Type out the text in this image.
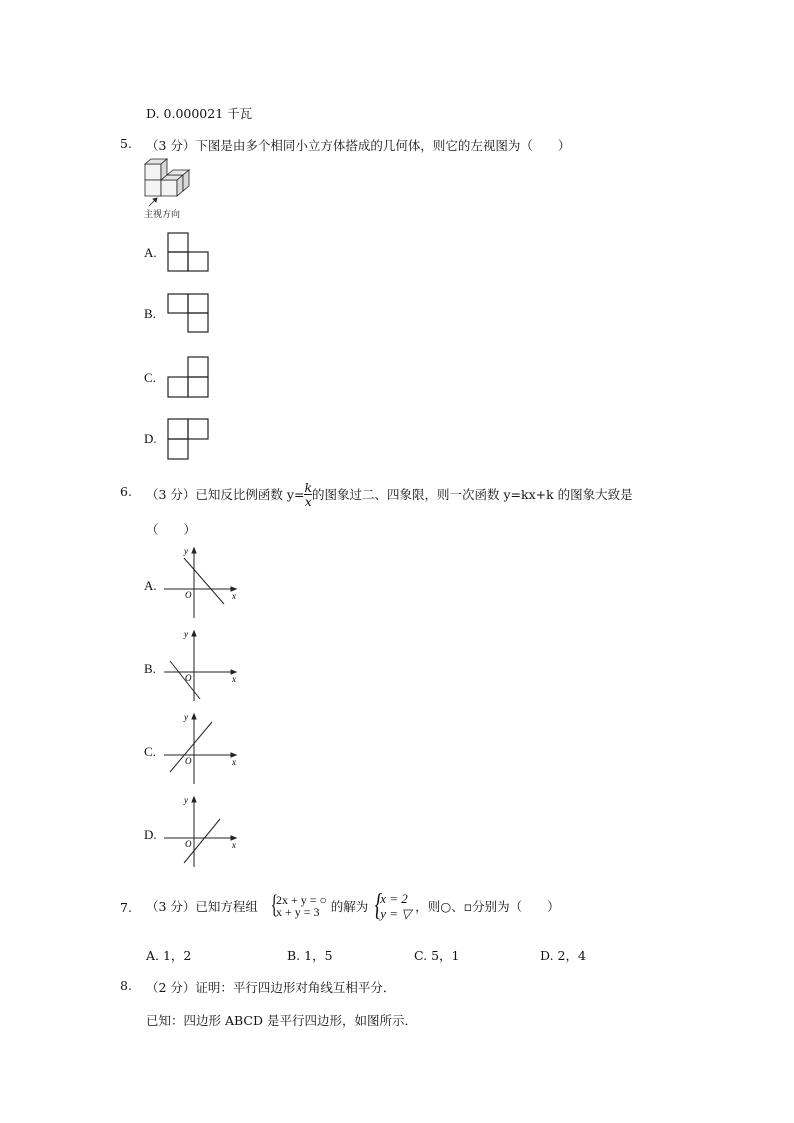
D. 0.000021 千瓦
5. （3 分）下图是由多个相同小立方体搭成的几何体，则它的左视图为（　　）
主视方向
A.
B.
C.
D.
6. （3 分）已知反比例函数 $y= \frac{k}{x}$ 的图象过二、四象限，则一次函数 y=kx+k 的图象大致是
（　　）
A.
y
x
O
B.
y
x
O
C.
y
x
O
D.
y
x
O
7. （3 分）已知方程组 {
2x + y = ○
x + y = 3 的解为 {
x = 2
y = ▽ ，则○、▫分别为（　　）
A. 1，2	B. 1，5	C. 5，1	D. 2，4
8. （2 分）证明：平行四边形对角线互相平分．
已知：四边形 ABCD 是平行四边形，如图所示．
